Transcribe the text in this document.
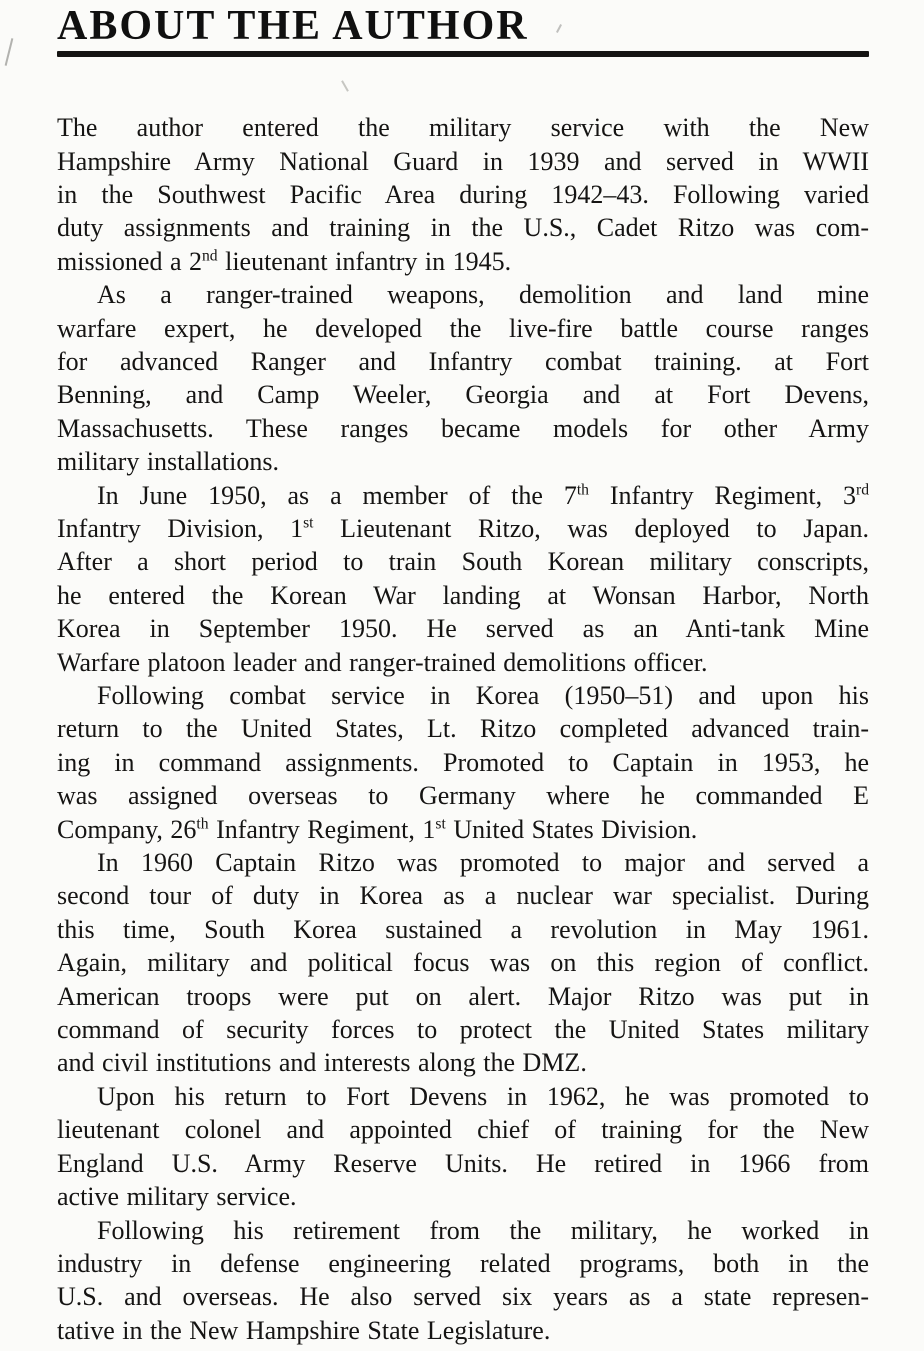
ABOUT THE AUTHOR
The author entered the military service with the New
Hampshire Army National Guard in 1939 and served in WWII
in the Southwest Pacific Area during 1942–43. Following varied
duty assignments and training in the U.S., Cadet Ritzo was com-
missioned a 2nd lieutenant infantry in 1945.
As a ranger-trained weapons, demolition and land mine
warfare expert, he developed the live-fire battle course ranges
for advanced Ranger and Infantry combat training. at Fort
Benning, and Camp Weeler, Georgia and at Fort Devens,
Massachusetts. These ranges became models for other Army
military installations.
In June 1950, as a member of the 7th Infantry Regiment, 3rd
Infantry Division, 1st Lieutenant Ritzo, was deployed to Japan.
After a short period to train South Korean military conscripts,
he entered the Korean War landing at Wonsan Harbor, North
Korea in September 1950. He served as an Anti-tank Mine
Warfare platoon leader and ranger-trained demolitions officer.
Following combat service in Korea (1950–51) and upon his
return to the United States, Lt. Ritzo completed advanced train-
ing in command assignments. Promoted to Captain in 1953, he
was assigned overseas to Germany where he commanded E
Company, 26th Infantry Regiment, 1st United States Division.
In 1960 Captain Ritzo was promoted to major and served a
second tour of duty in Korea as a nuclear war specialist. During
this time, South Korea sustained a revolution in May 1961.
Again, military and political focus was on this region of conflict.
American troops were put on alert. Major Ritzo was put in
command of security forces to protect the United States military
and civil institutions and interests along the DMZ.
Upon his return to Fort Devens in 1962, he was promoted to
lieutenant colonel and appointed chief of training for the New
England U.S. Army Reserve Units. He retired in 1966 from
active military service.
Following his retirement from the military, he worked in
industry in defense engineering related programs, both in the
U.S. and overseas. He also served six years as a state represen-
tative in the New Hampshire State Legislature.
